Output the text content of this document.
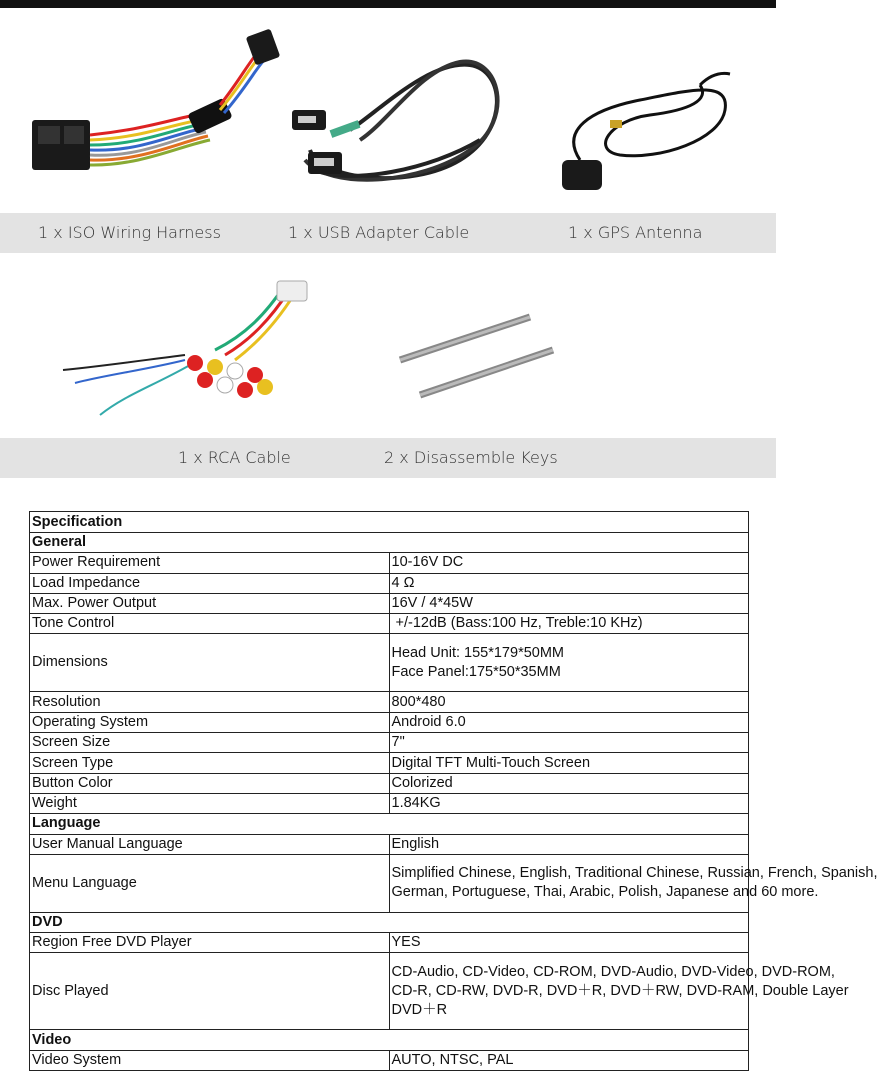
1 x ISO Wiring Harness	1 x USB Adapter Cable	1 x GPS Antenna
1 x RCA Cable	2 x Disassemble Keys
Specification	
General	
Power Requirement	10-16V DC

Load Impedance	4 Ω

Max. Power Output	16V / 4*45W

Tone Control	+/-12dB (Bass:100 Hz, Treble:10 KHz)

Dimensions	Head Unit: 155*179*50MM
Face Panel:175*50*35MM

Resolution	800*480

Operating System	Android 6.0

Screen Size	7"

Screen Type	Digital TFT Multi-Touch Screen

Button Color	Colorized

Weight	1.84KG

Language	
User Manual Language	English

Menu Language	Simplified Chinese, English, Traditional Chinese, Russian, French, Spanish,
German, Portuguese, Thai, Arabic, Polish, Japanese and 60 more.

DVD	
Region Free DVD Player	YES

Disc Played	CD-Audio, CD-Video, CD-ROM, DVD-Audio, DVD-Video, DVD-ROM,
CD-R, CD-RW, DVD-R, DVD＋R, DVD＋RW, DVD-RAM, Double Layer
DVD＋R

Video	
Video System	AUTO, NTSC, PAL
